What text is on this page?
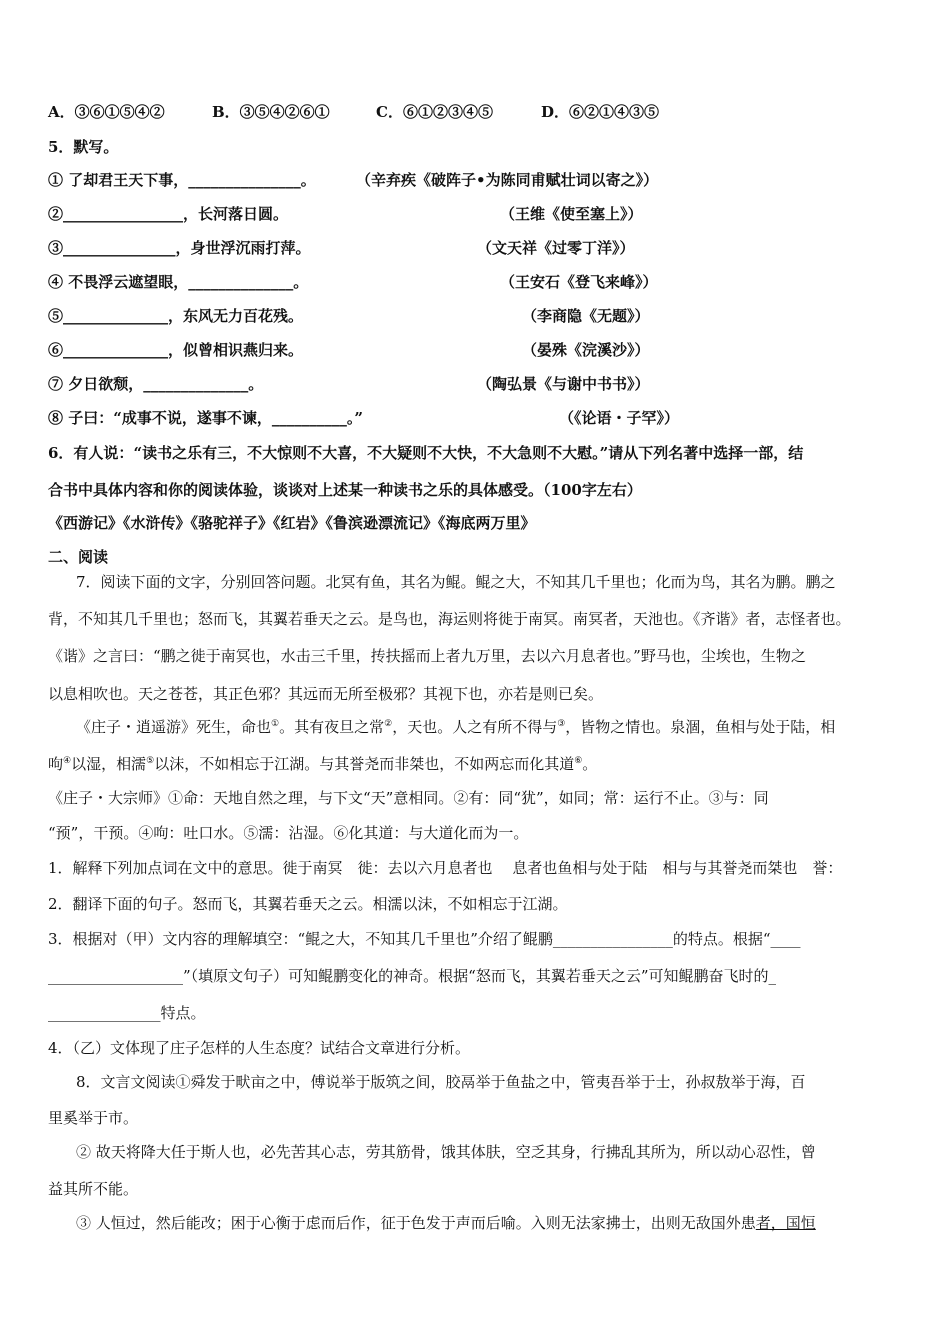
A．③⑥①⑤④②	B．③⑤④②⑥①	C．⑥①②③④⑤	D．⑥②①④③⑤
5．默写。
① 了却君王天下事，_______________。	（辛弃疾《破阵子•为陈同甫赋壮词以寄之》）
②________________，长河落日圆。	（王维《使至塞上》）
③_______________，身世浮沉雨打萍。	（文天祥《过零丁洋》）
④ 不畏浮云遮望眼，______________。	（王安石《登飞来峰》）
⑤______________，东风无力百花残。	（李商隐《无题》）
⑥______________，似曾相识燕归来。	（晏殊《浣溪沙》）
⑦ 夕日欲颓，______________。	（陶弘景《与谢中书书》）
⑧ 子曰：“成事不说，遂事不谏，__________。”	（《论语・子罕》）
6．有人说：“读书之乐有三，不大惊则不大喜，不大疑则不大快，不大急则不大慰。”请从下列名著中选择一部，结
合书中具体内容和你的阅读体验，谈谈对上述某一种读书之乐的具体感受。（100字左右）
《西游记》《水浒传》《骆驼祥子》《红岩》《鲁滨逊漂流记》《海底两万里》
二、阅读
7．阅读下面的文字，分别回答问题。北冥有鱼，其名为鲲。鲲之大，不知其几千里也；化而为鸟，其名为鹏。鹏之
背，不知其几千里也；怒而飞，其翼若垂天之云。是鸟也，海运则将徙于南冥。南冥者，天池也。《齐谐》者，志怪者也。
《谐》之言曰：“鹏之徙于南冥也，水击三千里，抟扶摇而上者九万里，去以六月息者也。”野马也，尘埃也，生物之
以息相吹也。天之苍苍，其正色邪？其远而无所至极邪？其视下也，亦若是则已矣。
《庄子・逍遥游》死生，命也①。其有夜旦之常②，天也。人之有所不得与③，皆物之情也。泉涸，鱼相与处于陆，相
呴④以湿，相濡⑤以沫，不如相忘于江湖。与其誉尧而非桀也，不如两忘而化其道⑥。
《庄子・大宗师》①命：天地自然之理，与下文“天”意相同。②有：同“犹”，如同；常：运行不止。③与：同
“预”，干预。④呴：吐口水。⑤濡：沾湿。⑥化其道：与大道化而为一。
1．解释下列加点词在文中的意思。徙于南冥　徙：去以六月息者也　 息者也鱼相与处于陆　相与与其誉尧而桀也　誉：
2．翻译下面的句子。怒而飞，其翼若垂天之云。相濡以沫，不如相忘于江湖。
3．根据对（甲）文内容的理解填空：“鲲之大，不知其几千里也”介绍了鲲鹏________________的特点。根据“____
__________________”（填原文句子）可知鲲鹏变化的神奇。根据“怒而飞，其翼若垂天之云”可知鲲鹏奋飞时的_
_______________特点。
4．（乙）文体现了庄子怎样的人生态度？试结合文章进行分析。
8．文言文阅读①舜发于畎亩之中，傅说举于版筑之间，胶鬲举于鱼盐之中，管夷吾举于士，孙叔敖举于海，百
里奚举于市。
② 故天将降大任于斯人也，必先苦其心志，劳其筋骨，饿其体肤，空乏其身，行拂乱其所为，所以动心忍性，曾
益其所不能。
③ 人恒过，然后能改；困于心衡于虑而后作，征于色发于声而后喻。入则无法家拂士，出则无敌国外患者，国恒
